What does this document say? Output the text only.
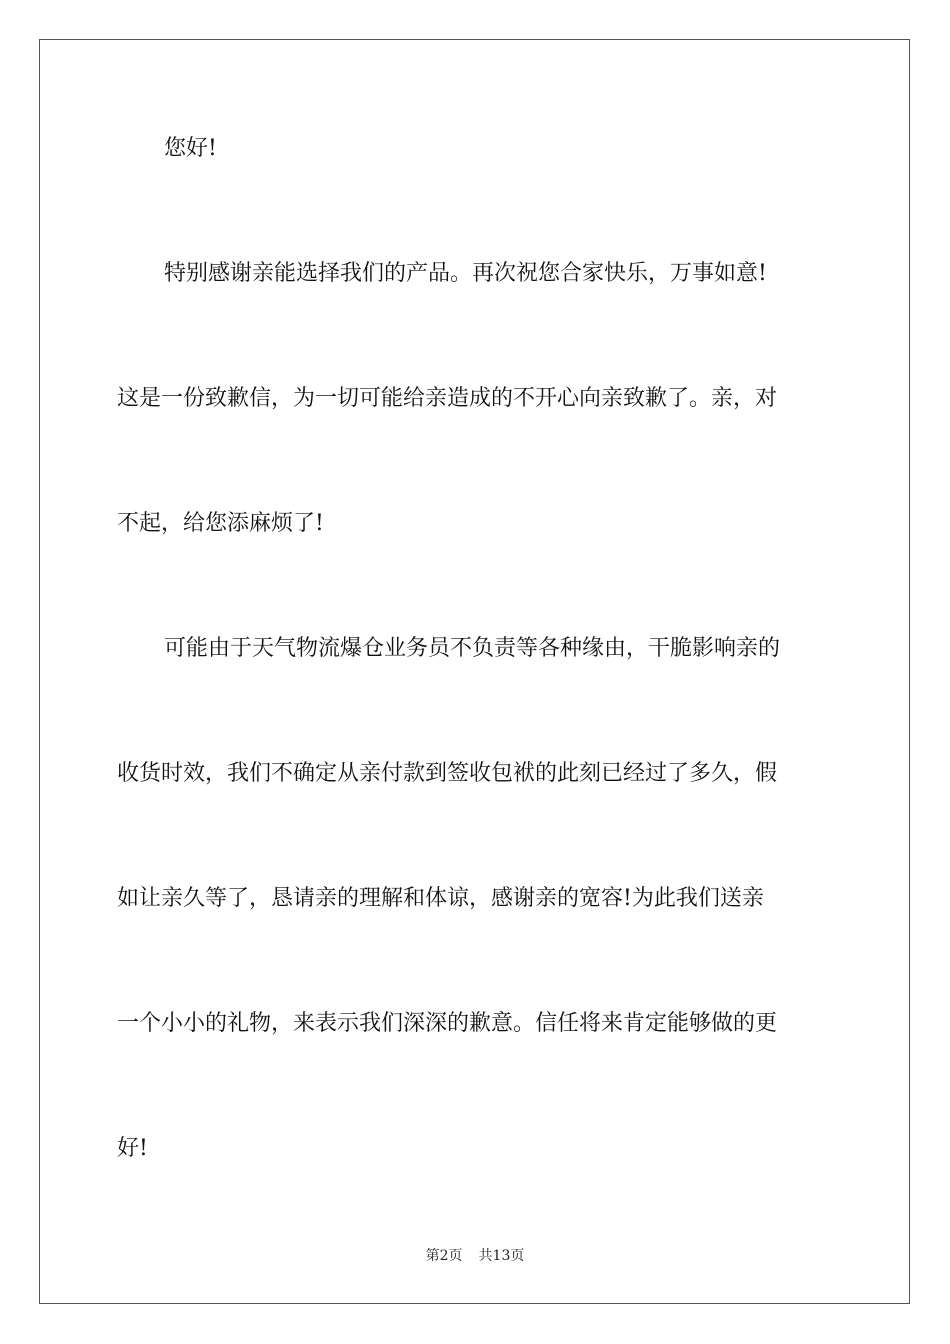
您好!
特别感谢亲能选择我们的产品。再次祝您合家快乐，万事如意!
这是一份致歉信，为一切可能给亲造成的不开心向亲致歉了。亲，对
不起，给您添麻烦了!
可能由于天气物流爆仓业务员不负责等各种缘由，干脆影响亲的
收货时效，我们不确定从亲付款到签收包袱的此刻已经过了多久，假
如让亲久等了，恳请亲的理解和体谅，感谢亲的宽容!为此我们送亲
一个小小的礼物，来表示我们深深的歉意。信任将来肯定能够做的更
好!
第2页 共13页
